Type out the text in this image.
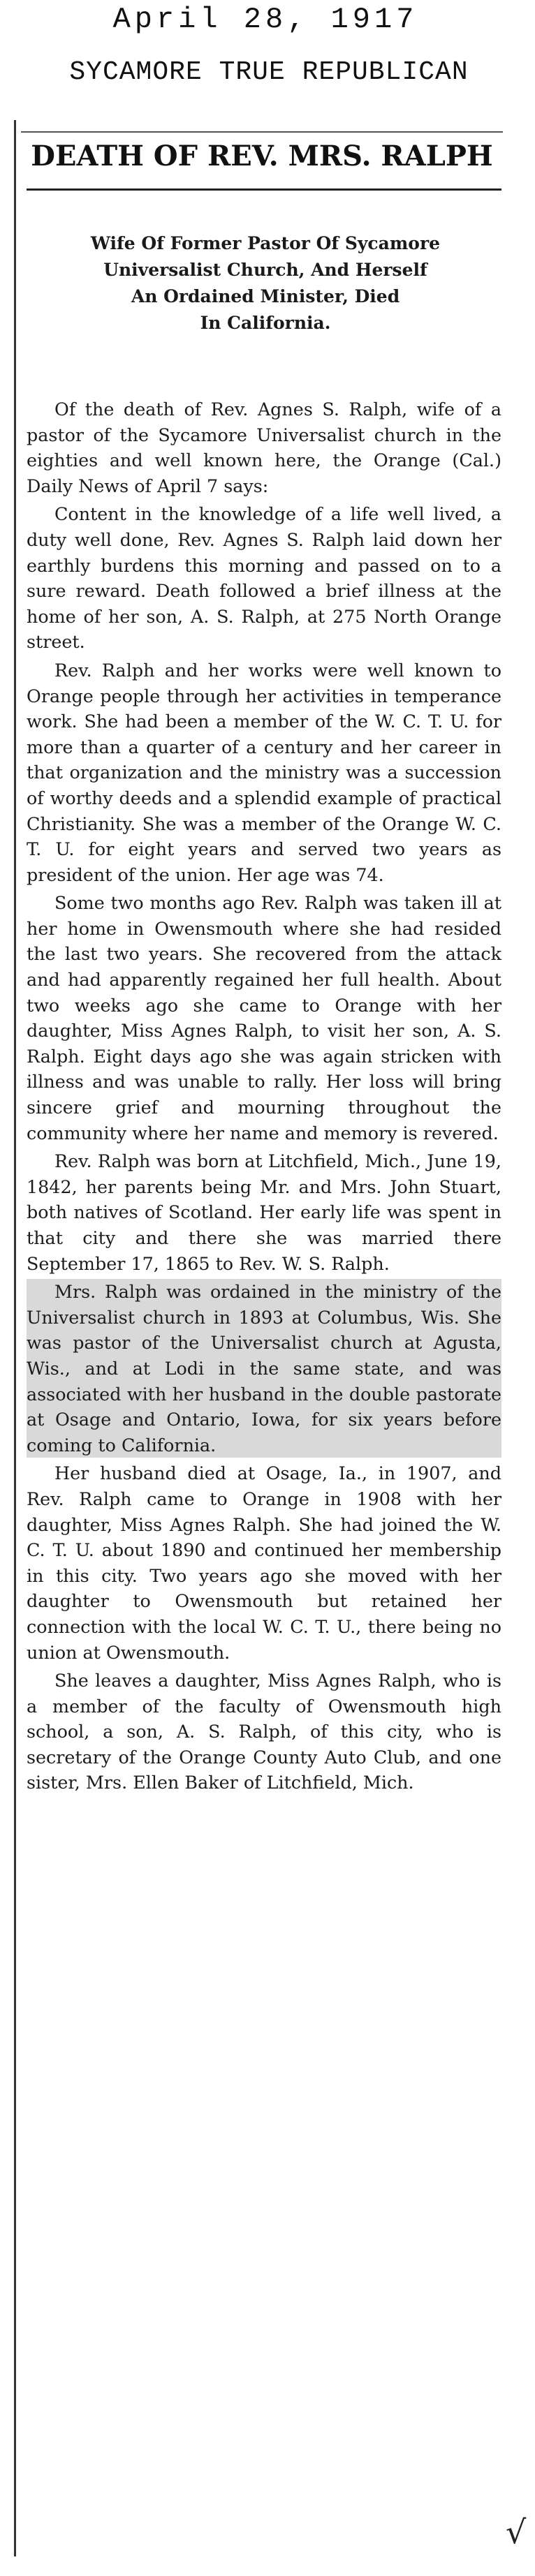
April 28, 1917
SYCAMORE TRUE REPUBLICAN
DEATH OF REV. MRS. RALPH
Wife Of Former Pastor Of Sycamore
Universalist Church, And Herself
An Ordained Minister, Died
In California.

Of the death of Rev. Agnes S. Ralph, wife of a pastor of the Sycamore Universalist church in the eighties and well known here, the Orange (Cal.) Daily News of April 7 says:

Content in the knowledge of a life well lived, a duty well done, Rev. Agnes S. Ralph laid down her earthly burdens this morning and passed on to a sure reward. Death followed a brief illness at the home of her son, A. S. Ralph, at 275 North Orange street.

Rev. Ralph and her works were well known to Orange people through her activities in temperance work. She had been a member of the W. C. T. U. for more than a quarter of a century and her career in that organization and the ministry was a succession of worthy deeds and a splendid example of practical Christianity. She was a member of the Orange W. C. T. U. for eight years and served two years as president of the union. Her age was 74.

Some two months ago Rev. Ralph was taken ill at her home in Owensmouth where she had resided the last two years. She recovered from the attack and had apparently regained her full health. About two weeks ago she came to Orange with her daughter, Miss Agnes Ralph, to visit her son, A. S. Ralph. Eight days ago she was again stricken with illness and was unable to rally. Her loss will bring sincere grief and mourning throughout the community where her name and memory is revered.

Rev. Ralph was born at Litchfield, Mich., June 19, 1842, her parents being Mr. and Mrs. John Stuart, both natives of Scotland. Her early life was spent in that city and there she was married there September 17, 1865 to Rev. W. S. Ralph.

Mrs. Ralph was ordained in the ministry of the Universalist church in 1893 at Columbus, Wis. She was pastor of the Universalist church at Agusta, Wis., and at Lodi in the same state, and was associated with her husband in the double pastorate at Osage and Ontario, Iowa, for six years before coming to California.

Her husband died at Osage, Ia., in 1907, and Rev. Ralph came to Orange in 1908 with her daughter, Miss Agnes Ralph. She had joined the W. C. T. U. about 1890 and continued her membership in this city. Two years ago she moved with her daughter to Owensmouth but retained her connection with the local W. C. T. U., there being no union at Owensmouth.

She leaves a daughter, Miss Agnes Ralph, who is a member of the faculty of Owensmouth high school, a son, A. S. Ralph, of this city, who is secretary of the Orange County Auto Club, and one sister, Mrs. Ellen Baker of Litchfield, Mich.

√
